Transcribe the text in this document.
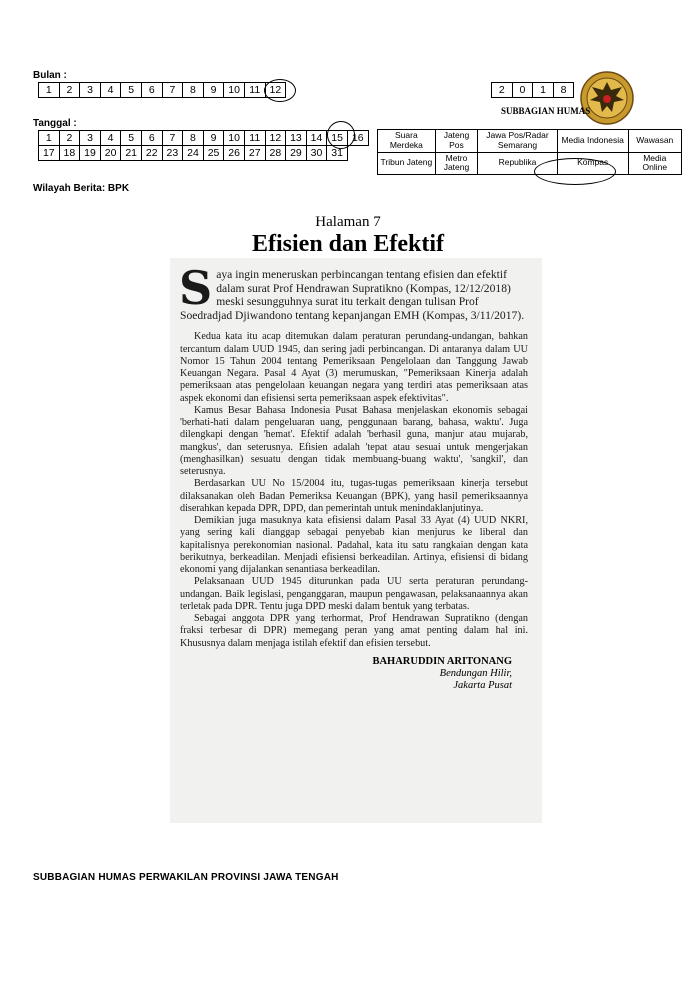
Bulan :
1	2	3	4	5	6	7	8	9	10	11	12
Tanggal :
1	2	3	4	5	6	7	8	9	10	11	12	13	14	15	16
17	18	19	20	21	22	23	24	25	26	27	28	29	30	31	
Wilayah Berita: BPK
2	0	1	8
SUBBAGIAN HUMAS
Suara Merdeka	Jateng Pos	Jawa Pos/Radar Semarang	Media Indonesia	Wawasan
Tribun Jateng	Metro Jateng	Republika	Kompas	Media Online
Halaman 7
Efisien dan Efektif
Saya ingin meneruskan perbincangan tentang efisien dan efektif dalam surat Prof Hendrawan Supratikno (Kompas, 12/12/2018) meski sesungguhnya surat itu terkait dengan tulisan Prof Soedradjad Djiwandono tentang kepanjangan EMH (Kompas, 3/11/2017).

Kedua kata itu acap ditemukan dalam peraturan perundang-undangan, bahkan tercantum dalam UUD 1945, dan sering jadi perbincangan. Di antaranya dalam UU Nomor 15 Tahun 2004 tentang Pemeriksaan Pengelolaan dan Tanggung Jawab Keuangan Negara. Pasal 4 Ayat (3) merumuskan, "Pemeriksaan Kinerja adalah pemeriksaan atas pengelolaan keuangan negara yang terdiri atas pemeriksaan atas aspek ekonomi dan efisiensi serta pemeriksaan aspek efektivitas".

Kamus Besar Bahasa Indonesia Pusat Bahasa menjelaskan ekonomis sebagai 'berhati-hati dalam pengeluaran uang, penggunaan barang, bahasa, waktu'. Juga dilengkapi dengan 'hemat'. Efektif adalah 'berhasil guna, manjur atau mujarab, mangkus', dan seterusnya. Efisien adalah 'tepat atau sesuai untuk mengerjakan (menghasilkan) sesuatu dengan tidak membuang-buang waktu', 'sangkil', dan seterusnya.

Berdasarkan UU No 15/2004 itu, tugas-tugas pemeriksaan kinerja tersebut dilaksanakan oleh Badan Pemeriksa Keuangan (BPK), yang hasil pemeriksaannya diserahkan kepada DPR, DPD, dan pemerintah untuk menindaklanjutinya.

Demikian juga masuknya kata efisiensi dalam Pasal 33 Ayat (4) UUD NKRI, yang sering kali dianggap sebagai penyebab kian menjurus ke liberal dan kapitalisnya perekonomian nasional. Padahal, kata itu satu rangkaian dengan kata berikutnya, berkeadilan. Menjadi efisiensi berkeadilan. Artinya, efisiensi di bidang ekonomi yang dijalankan senantiasa berkeadilan.

Pelaksanaan UUD 1945 diturunkan pada UU serta peraturan perundang-undangan. Baik legislasi, penganggaran, maupun pengawasan, pelaksanaannya akan terletak pada DPR. Tentu juga DPD meski dalam bentuk yang terbatas.

Sebagai anggota DPR yang terhormat, Prof Hendrawan Supratikno (dengan fraksi terbesar di DPR) memegang peran yang amat penting dalam hal ini. Khususnya dalam menjaga istilah efektif dan efisien tersebut.

BAHARUDDIN ARITONANG
Bendungan Hilir,
Jakarta Pusat
SUBBAGIAN HUMAS PERWAKILAN PROVINSI JAWA TENGAH
